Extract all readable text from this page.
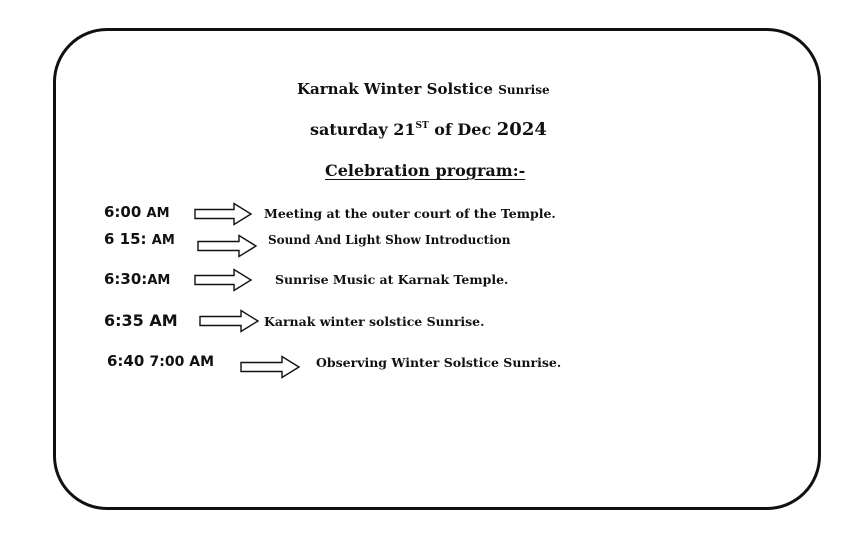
Karnak Winter Solstice Sunrise
saturday 21ST of Dec 2024
Celebration program:-
6:00 AM	Meeting at the outer court of the Temple.
6 15: AM	Sound And Light Show Introduction
6:30:AM	Sunrise Music at Karnak Temple.
6:35 AM	Karnak winter solstice Sunrise.
6:40 7:00 AM	Observing Winter Solstice Sunrise.
